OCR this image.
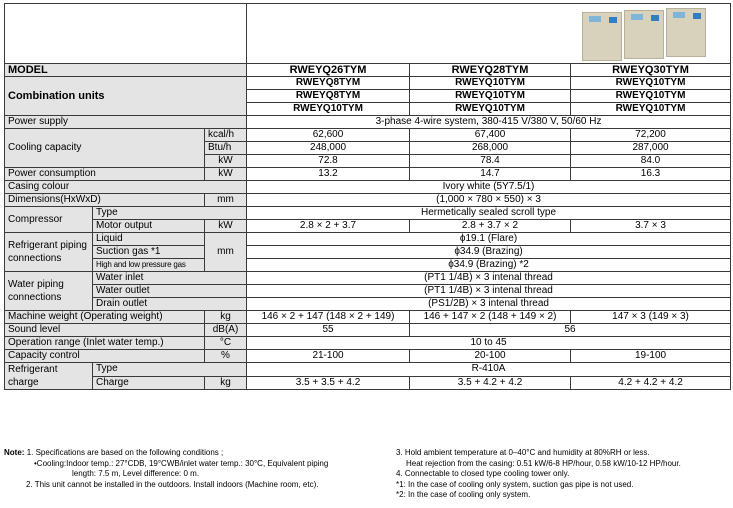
MODEL			RWEYQ26TYM	RWEYQ28TYM	RWEYQ30TYM
Combination units			RWEYQ8TYM	RWEYQ10TYM	RWEYQ10TYM
			RWEYQ8TYM	RWEYQ10TYM	RWEYQ10TYM
			RWEYQ10TYM	RWEYQ10TYM	RWEYQ10TYM
Power supply			3-phase 4-wire system, 380-415 V/380 V, 50/60 Hz		
Cooling capacity		kcal/h	62,600	67,400	72,200
		Btu/h	248,000	268,000	287,000
		kW	72.8	78.4	84.0
Power consumption		kW	13.2	14.7	16.3
Casing colour			Ivory white (5Y7.5/1)		
Dimensions(HxWxD)		mm	(1,000 × 780 × 550) × 3		
Compressor	Type		Hermetically sealed scroll type		
	Motor output	kW	2.8 × 2 + 3.7	2.8 + 3.7 × 2	3.7 × 3
Refrigerant piping connections	Liquid	mm	ϕ19.1 (Flare)		
	Suction gas *1		ϕ34.9 (Brazing)		
	High and low pressure gas		ϕ34.9 (Brazing) *2		
Water piping connections	Water inlet		(PT1 1/4B) × 3 intenal thread		
	Water outlet		(PT1 1/4B) × 3 intenal thread		
	Drain outlet		(PS1/2B) × 3 intenal thread		
Machine weight (Operating weight)		kg	146 × 2 + 147 (148 × 2 + 149)	146 + 147 × 2 (148 + 149 × 2)	147 × 3 (149 × 3)
Sound level		dB(A)	55	56	
Operation range (Inlet water temp.)		°C	10 to 45		
Capacity control		%	21-100	20-100	19-100
Refrigerant charge	Type		R-410A		
	Charge	kg	3.5 + 3.5 + 4.2	3.5 + 4.2 + 4.2	4.2 + 4.2 + 4.2
Note: 1. Specifications are based on the following conditions ;
•Cooling:Indoor temp.: 27°CDB, 19°CWB/inlet water temp.: 30°C, Equivalent piping
length: 7.5 m, Level difference: 0 m.
2. This unit cannot be installed in the outdoors. Install indoors (Machine room, etc).
3. Hold ambient temperature at 0–40°C and humidity at 80%RH or less.
Heat rejection from the casing: 0.51 kW/6-8 HP/hour, 0.58 kW/10-12 HP/hour.
4. Connectable to closed type cooling tower only.
*1: In the case of cooling only system, suction gas pipe is not used.
*2: In the case of cooling only system.
